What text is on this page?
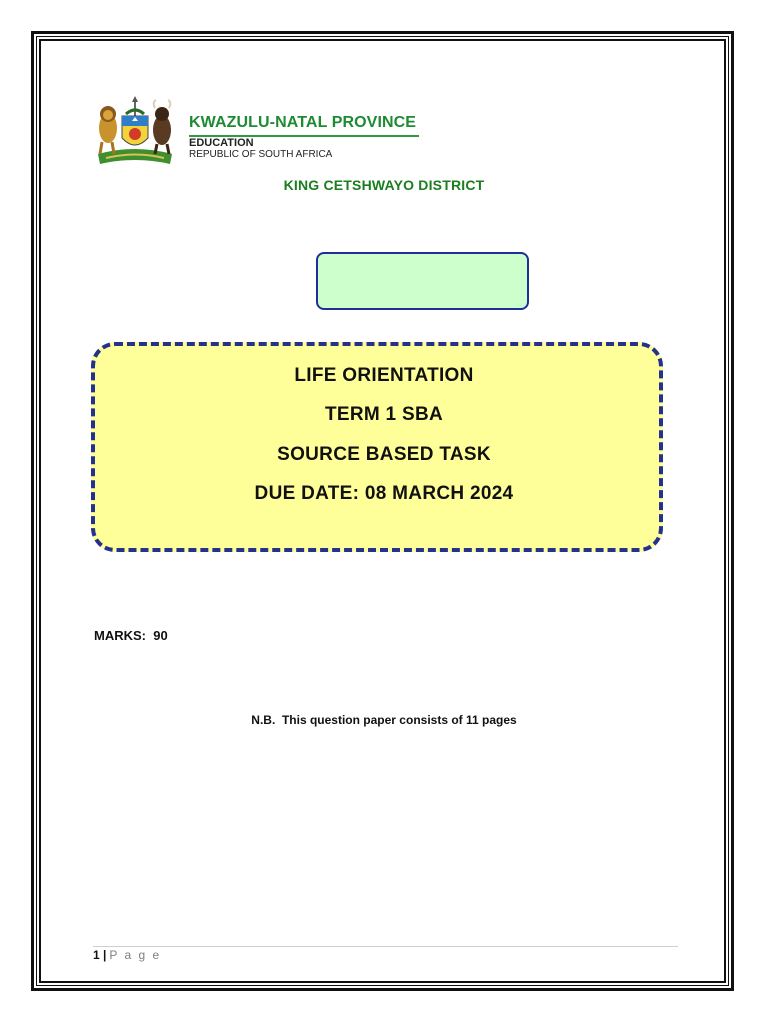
KWAZULU-NATAL PROVINCE
EDUCATION
REPUBLIC OF SOUTH AFRICA
KING CETSHWAYO DISTRICT
LIFE ORIENTATION
TERM 1 SBA
SOURCE BASED TASK
DUE DATE: 08 MARCH 2024
MARKS:  90
N.B.  This question paper consists of 11 pages
1 | P a g e
